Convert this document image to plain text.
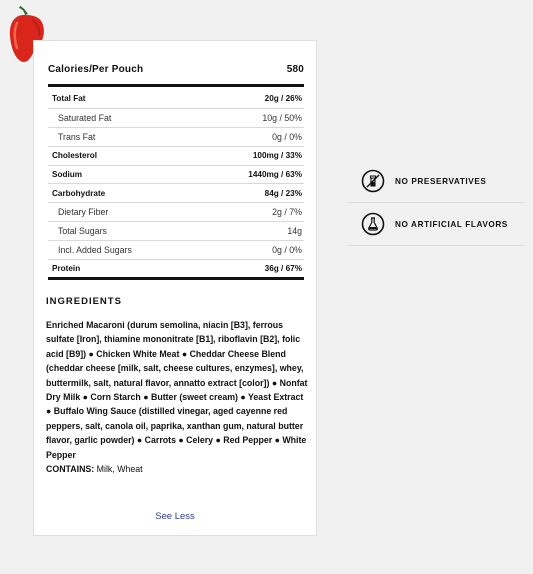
Calories/Per Pouch	580
Total Fat	20g / 26%
Saturated Fat	10g / 50%
Trans Fat	0g / 0%
Cholesterol	100mg / 33%
Sodium	1440mg / 63%
Carbohydrate	84g / 23%
Dietary Fiber	2g / 7%
Total Sugars	14g
Incl. Added Sugars	0g / 0%
Protein	36g / 67%
INGREDIENTS
Enriched Macaroni (durum semolina, niacin [B3], ferrous sulfate [Iron], thiamine mononitrate [B1], riboflavin [B2], folic acid [B9]) ● Chicken White Meat ● Cheddar Cheese Blend (cheddar cheese [milk, salt, cheese cultures, enzymes], whey, buttermilk, salt, natural flavor, annatto extract [color]) ● Nonfat Dry Milk ● Corn Starch ● Butter (sweet cream) ● Yeast Extract ● Buffalo Wing Sauce (distilled vinegar, aged cayenne red peppers, salt, canola oil, paprika, xanthan gum, natural butter flavor, garlic powder) ● Carrots ● Celery ● Red Pepper ● White Pepper
CONTAINS: Milk, Wheat
See Less
NO PRESERVATIVES
NO ARTIFICIAL FLAVORS
